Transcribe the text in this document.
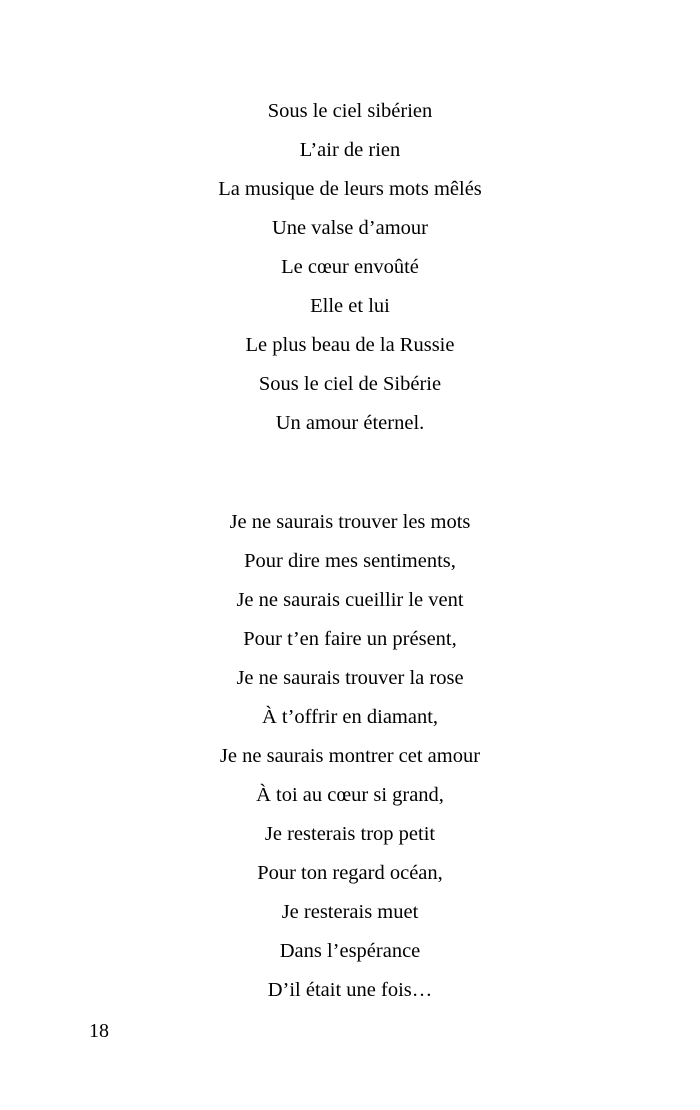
Sous le ciel sibérien
L’air de rien
La musique de leurs mots mêlés
Une valse d’amour
Le cœur envoûté
Elle et lui
Le plus beau de la Russie
Sous le ciel de Sibérie
Un amour éternel.
Je ne saurais trouver les mots
Pour dire mes sentiments,
Je ne saurais cueillir le vent
Pour t’en faire un présent,
Je ne saurais trouver la rose
À t’offrir en diamant,
Je ne saurais montrer cet amour
À toi au cœur si grand,
Je resterais trop petit
Pour ton regard océan,
Je resterais muet
Dans l’espérance
D’il était une fois…
18
